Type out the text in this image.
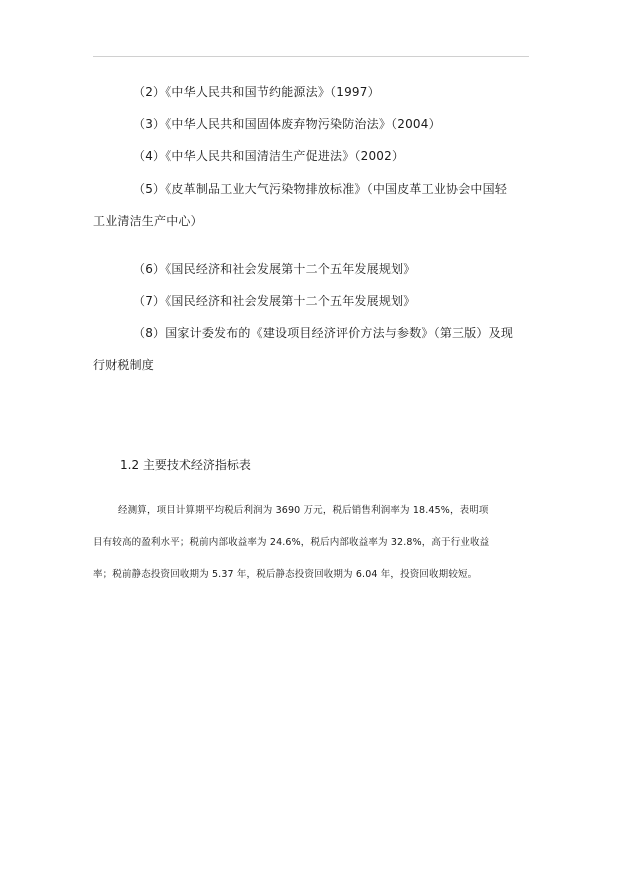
（2）《中华人民共和国节约能源法》（1997）
（3）《中华人民共和国固体废弃物污染防治法》（2004）
（4）《中华人民共和国清洁生产促进法》（2002）
（5）《皮革制品工业大气污染物排放标准》（中国皮革工业协会中国轻
工业清洁生产中心）
（6）《国民经济和社会发展第十二个五年发展规划》
（7）《国民经济和社会发展第十二个五年发展规划》
（8）国家计委发布的《建设项目经济评价方法与参数》（第三版）及现
行财税制度
1.2 主要技术经济指标表
经测算，项目计算期平均税后利润为 3690 万元，税后销售利润率为 18.45%，表明项
目有较高的盈利水平；税前内部收益率为 24.6%，税后内部收益率为 32.8%，高于行业收益
率；税前静态投资回收期为 5.37 年，税后静态投资回收期为 6.04 年，投资回收期较短。
